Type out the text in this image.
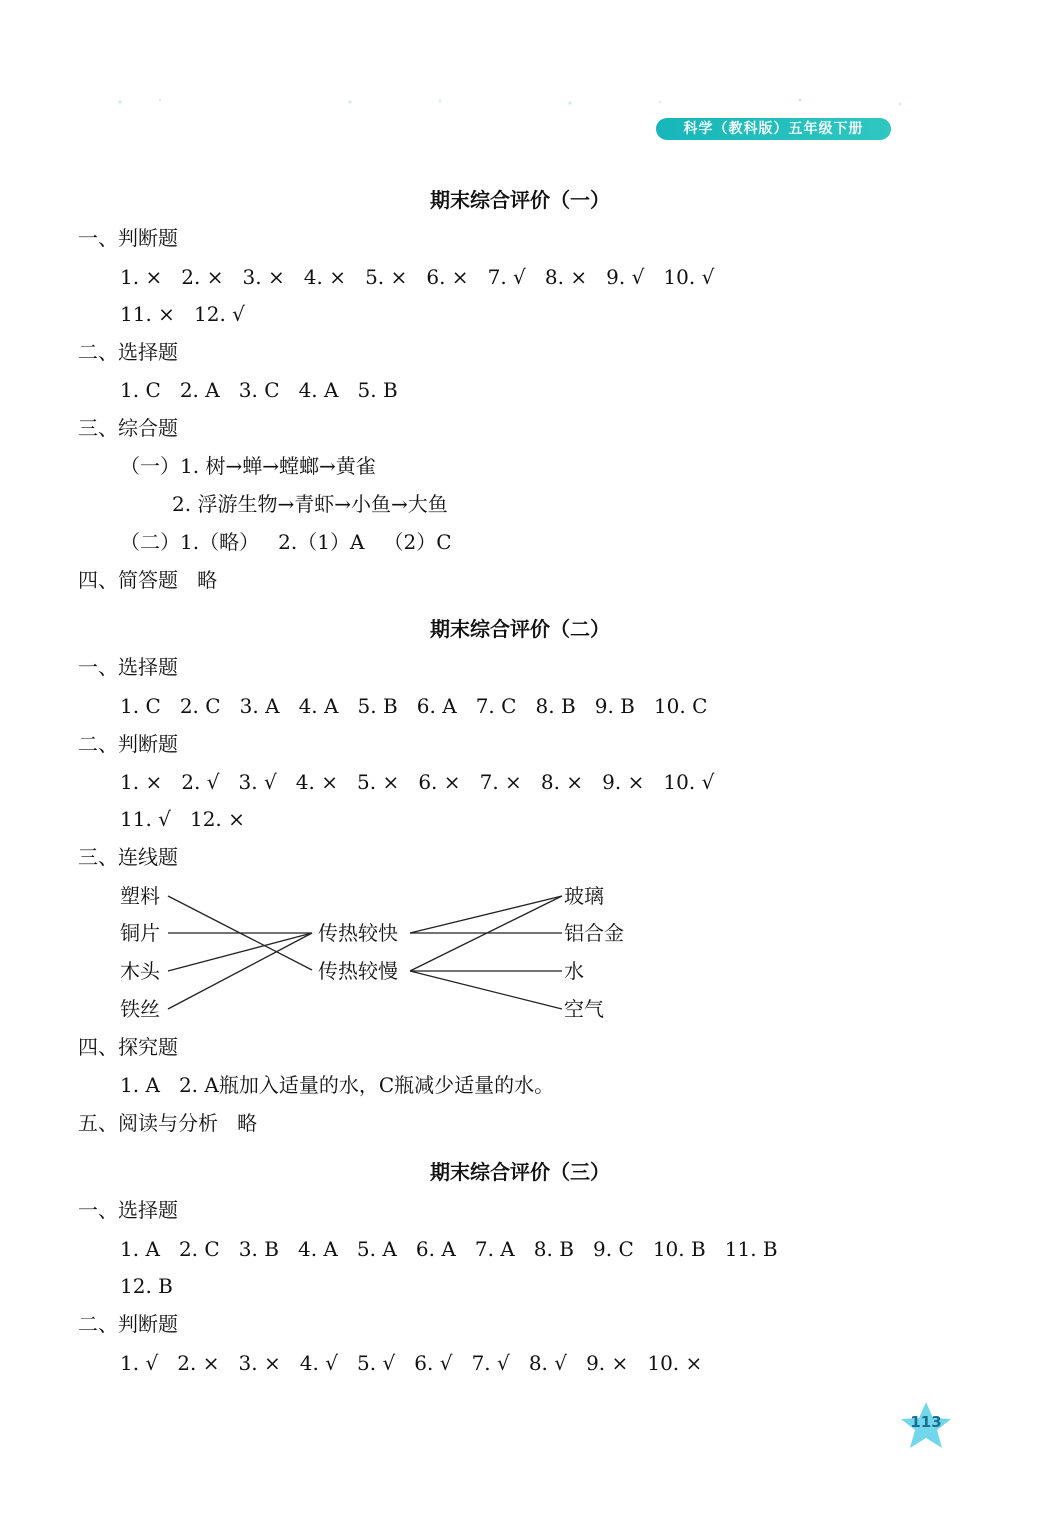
科学（教科版）五年级下册
期末综合评价（一）
一、判断题
1. ×   2. ×   3. ×   4. ×   5. ×   6. ×   7. √   8. ×   9. √   10. √
11. ×   12. √
二、选择题
1. C   2. A   3. C   4. A   5. B
三、综合题
（一）1. 树→蝉→螳螂→黄雀
2. 浮游生物→青虾→小鱼→大鱼
（二）1.（略）   2.（1）A   （2）C
四、简答题   略
期末综合评价（二）
一、选择题
1. C   2. C   3. A   4. A   5. B   6. A   7. C   8. B   9. B   10. C
二、判断题
1. ×   2. √   3. √   4. ×   5. ×   6. ×   7. ×   8. ×   9. ×   10. √
11. √   12. ×
三、连线题
塑料
铜片
木头
铁丝
传热较快
传热较慢
玻璃
铝合金
水
空气
四、探究题
1. A   2. A瓶加入适量的水，C瓶减少适量的水。
五、阅读与分析   略
期末综合评价（三）
一、选择题
1. A   2. C   3. B   4. A   5. A   6. A   7. A   8. B   9. C   10. B   11. B
12. B
二、判断题
1. √   2. ×   3. ×   4. √   5. √   6. √   7. √   8. √   9. ×   10. ×
113
